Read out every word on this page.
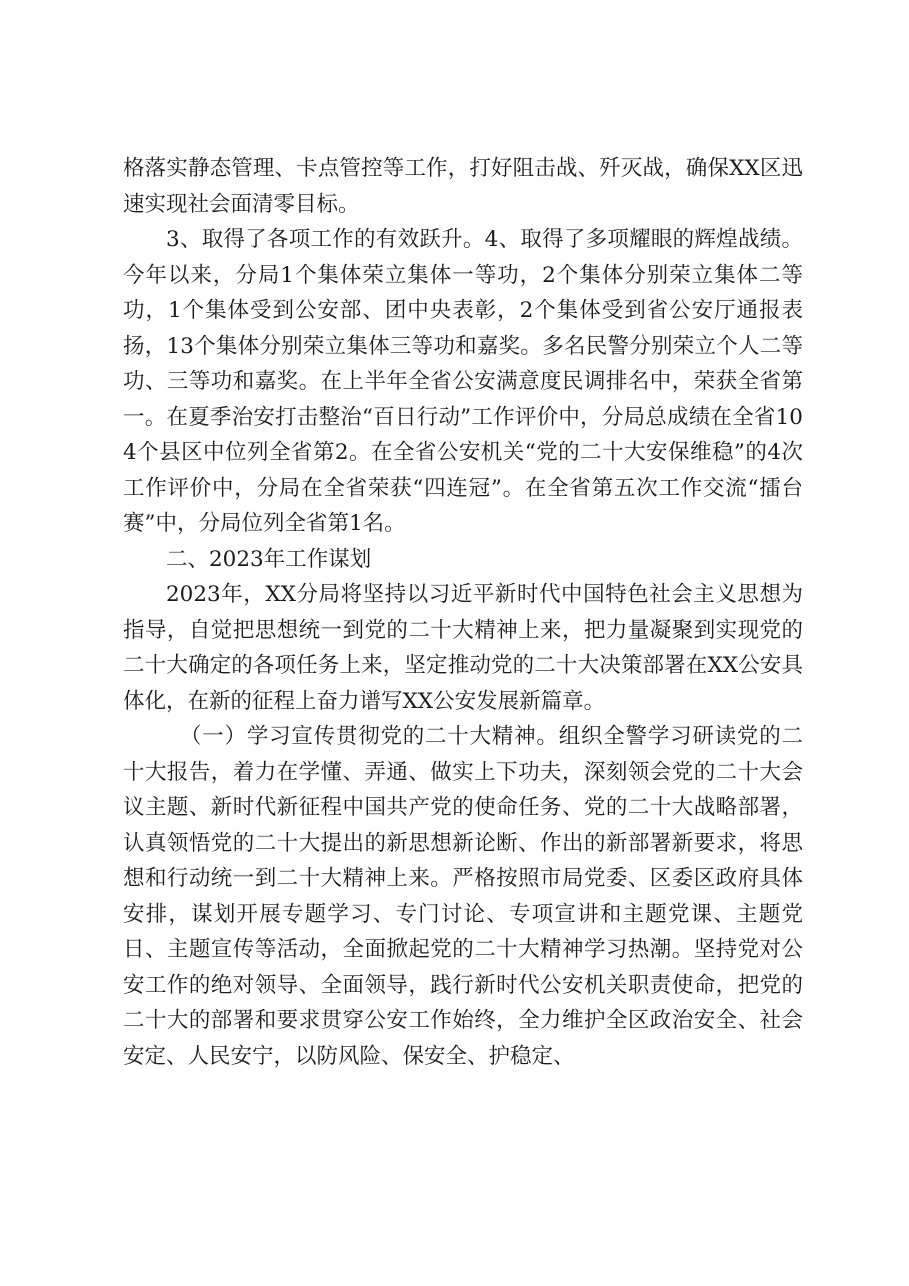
格落实静态管理、卡点管控等工作，打好阻击战、歼灭战，确保XX区迅速实现社会面清零目标。

3、取得了各项工作的有效跃升。4、取得了多项耀眼的辉煌战绩。今年以来，分局1个集体荣立集体一等功，2个集体分别荣立集体二等功，1个集体受到公安部、团中央表彰，2个集体受到省公安厅通报表扬，13个集体分别荣立集体三等功和嘉奖。多名民警分别荣立个人二等功、三等功和嘉奖。在上半年全省公安满意度民调排名中，荣获全省第一。在夏季治安打击整治“百日行动”工作评价中，分局总成绩在全省104个县区中位列全省第2。在全省公安机关“党的二十大安保维稳”的4次工作评价中，分局在全省荣获“四连冠”。在全省第五次工作交流“擂台赛”中，分局位列全省第1名。

二、2023年工作谋划

2023年，XX分局将坚持以习近平新时代中国特色社会主义思想为指导，自觉把思想统一到党的二十大精神上来，把力量凝聚到实现党的二十大确定的各项任务上来，坚定推动党的二十大决策部署在XX公安具体化，在新的征程上奋力谱写XX公安发展新篇章。

（一）学习宣传贯彻党的二十大精神。组织全警学习研读党的二十大报告，着力在学懂、弄通、做实上下功夫，深刻领会党的二十大会议主题、新时代新征程中国共产党的使命任务、党的二十大战略部署，认真领悟党的二十大提出的新思想新论断、作出的新部署新要求，将思想和行动统一到二十大精神上来。严格按照市局党委、区委区政府具体安排，谋划开展专题学习、专门讨论、专项宣讲和主题党课、主题党日、主题宣传等活动，全面掀起党的二十大精神学习热潮。坚持党对公安工作的绝对领导、全面领导，践行新时代公安机关职责使命，把党的二十大的部署和要求贯穿公安工作始终，全力维护全区政治安全、社会安定、人民安宁，以防风险、保安全、护稳定、
